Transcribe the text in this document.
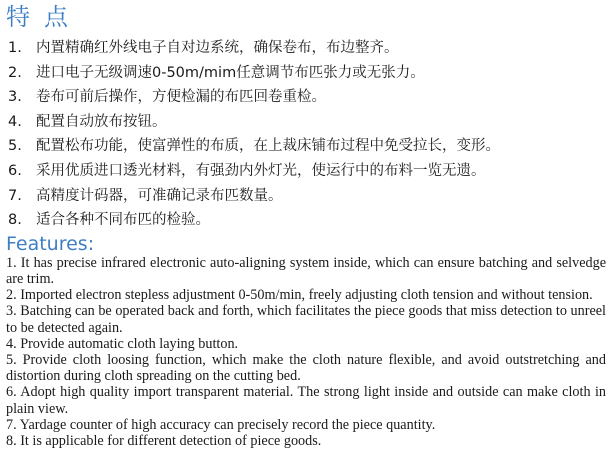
特点
1. 内置精确红外线电子自对边系统，确保卷布，布边整齐。
2. 进口电子无级调速0-50m/mim任意调节布匹张力或无张力。
3. 卷布可前后操作，方便检漏的布匹回卷重检。
4. 配置自动放布按钮。
5. 配置松布功能，使富弹性的布质，在上裁床铺布过程中免受拉长，变形。
6. 采用优质进口透光材料，有强劲内外灯光，使运行中的布料一览无遗。
7. 高精度计码器，可准确记录布匹数量。
8. 适合各种不同布匹的检验。
Features:
1. It has precise infrared electronic auto-aligning system inside, which can ensure batching and selvedge are trim.
2. Imported electron stepless adjustment 0-50m/min, freely adjusting cloth tension and without tension.
3. Batching can be operated back and forth, which facilitates the piece goods that miss detection to unreel to be detected again.
4. Provide automatic cloth laying button.
5. Provide cloth loosing function, which make the cloth nature flexible, and avoid outstretching and distortion during cloth spreading on the cutting bed.
6. Adopt high quality import transparent material. The strong light inside and outside can make cloth in plain view.
7. Yardage counter of high accuracy can precisely record the piece quantity.
8. It is applicable for different detection of piece goods.
